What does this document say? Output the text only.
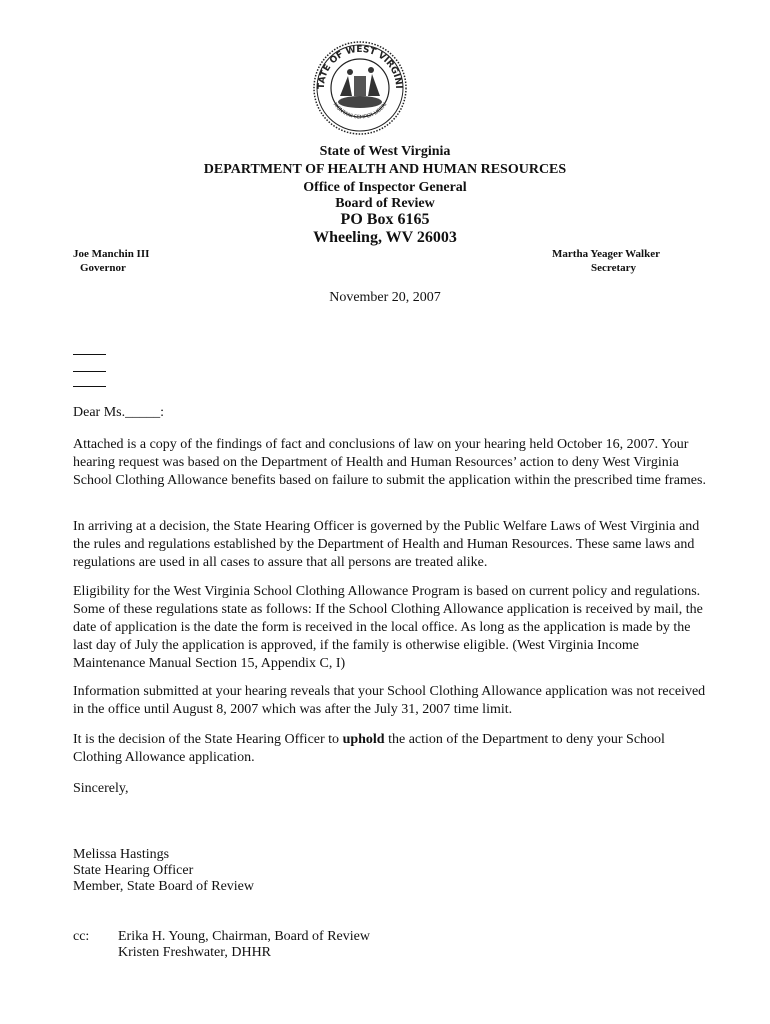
TATE OF WEST VIRGINI
MONTANI SEMPER LIBERI
State of West Virginia
DEPARTMENT OF HEALTH AND HUMAN RESOURCES
Office of Inspector General
Board of Review
PO Box 6165
Wheeling, WV 26003
Joe Manchin III
Governor
Martha Yeager Walker
Secretary
November 20, 2007
Dear Ms._____:
Attached is a copy of the findings of fact and conclusions of law on your hearing held October 16, 2007. Your hearing request was based on the Department of Health and Human Resources’ action to deny West Virginia School Clothing Allowance benefits based on failure to submit the application within the prescribed time frames.
In arriving at a decision, the State Hearing Officer is governed by the Public Welfare Laws of West Virginia and the rules and regulations established by the Department of Health and Human Resources. These same laws and regulations are used in all cases to assure that all persons are treated alike.
Eligibility for the West Virginia School Clothing Allowance Program is based on current policy and regulations. Some of these regulations state as follows: If the School Clothing Allowance application is received by mail, the date of application is the date the form is received in the local office. As long as the application is made by the last day of July the application is approved, if the family is otherwise eligible. (West Virginia Income Maintenance Manual Section 15, Appendix C, I)
Information submitted at your hearing reveals that your School Clothing Allowance application was not received in the office until August 8, 2007 which was after the July 31, 2007 time limit.
It is the decision of the State Hearing Officer to uphold the action of the Department to deny your School Clothing Allowance application.
Sincerely,
Melissa Hastings
State Hearing Officer
Member, State Board of Review
cc: Erika H. Young, Chairman, Board of Review
Kristen Freshwater, DHHR
